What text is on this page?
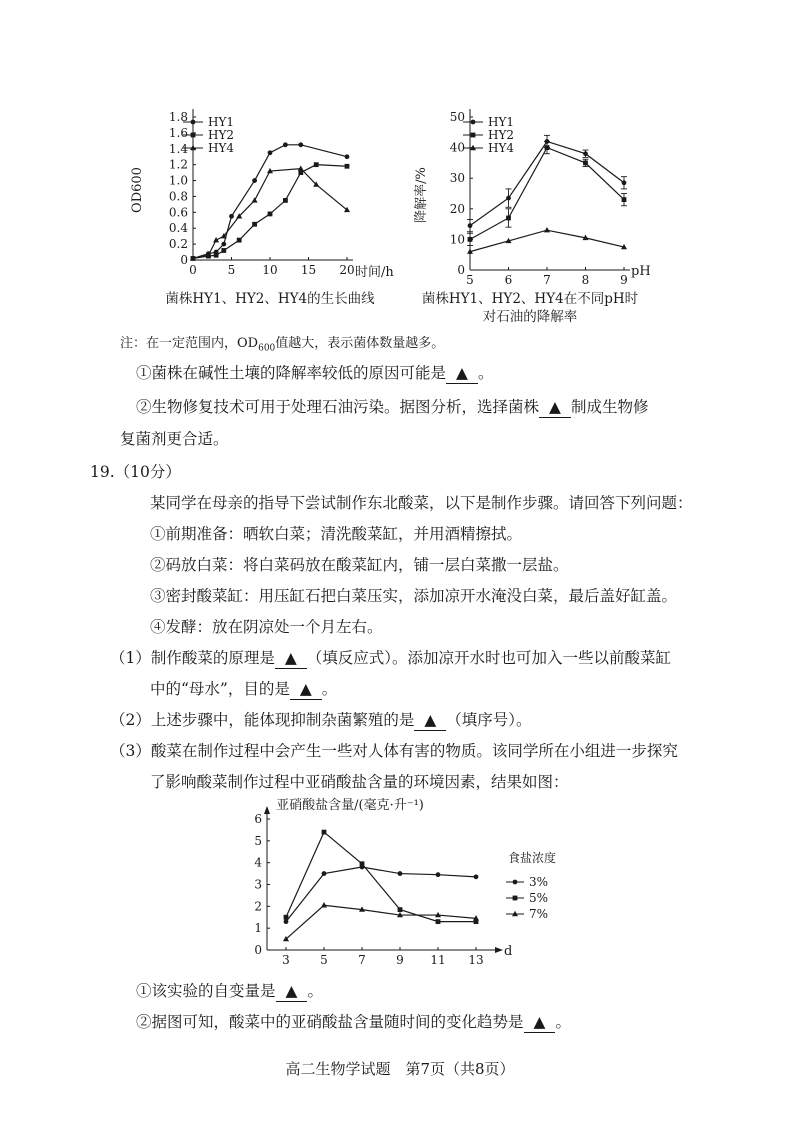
0
0.2
0.4
0.6
0.8
1.0
1.2
1.4
1.6
1.8
0	5 10 15 20
HY1
HY2
HY4
时间/h
OD600
菌株HY1、HY2、HY4的生长曲线
0
10
20
30
40
50
5	6	7	8	9
HY1
HY2
HY4
pH
降解率/%
菌株HY1、HY2、HY4在不同pH时
对石油的降解率
注：在一定范围内，$OD_{600}$值越大，表示菌体数量越多。
①菌株在碱性土壤的降解率较低的原因可能是 ▲ 。
②生物修复技术可用于处理石油污染。据图分析，选择菌株 ▲ 制成生物修
复菌剂更合适。
19.（10分）
某同学在母亲的指导下尝试制作东北酸菜，以下是制作步骤。请回答下列问题：
①前期准备：晒软白菜；清洗酸菜缸，并用酒精擦拭。
②码放白菜：将白菜码放在酸菜缸内，铺一层白菜撒一层盐。
③密封酸菜缸：用压缸石把白菜压实，添加凉开水淹没白菜，最后盖好缸盖。
④发酵：放在阴凉处一个月左右。
（1）制作酸菜的原理是 ▲ （填反应式）。添加凉开水时也可加入一些以前酸菜缸
中的“母水”，目的是 ▲ 。
（2）上述步骤中，能体现抑制杂菌繁殖的是 ▲ （填序号）。
（3）酸菜在制作过程中会产生一些对人体有害的物质。该同学所在小组进一步探究
了影响酸菜制作过程中亚硝酸盐含量的环境因素，结果如图：
0
1
2
3
4
5
6
3	5	7	9 11 13
食盐浓度
3%
5%
7%
d
亚硝酸盐含量/(毫克·升⁻¹)
①该实验的自变量是 ▲ 。
②据图可知，酸菜中的亚硝酸盐含量随时间的变化趋势是 ▲ 。
高二生物学试题　第7页（共8页）
